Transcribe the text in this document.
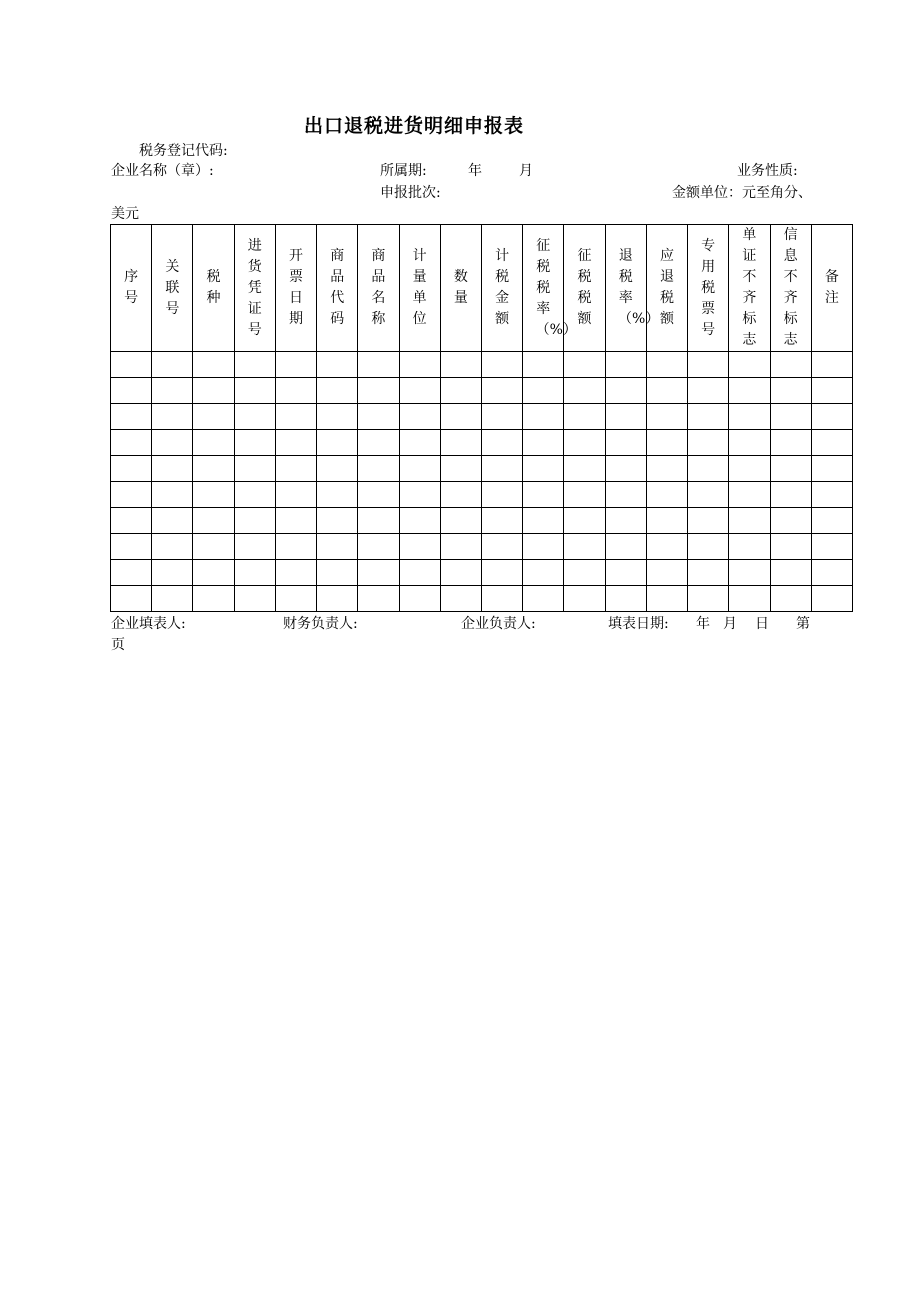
出口退税进货明细申报表
税务登记代码:
企业名称（章）:	所属期:	年	月	业务性质:
申报批次:	金额单位：元至角分、
美元
序号	关联号	税种	进货凭证号	开票日期	商品代码	商品名称	计量单位	数量	计税金额	征税税率（%）	征税税额	退税率（%）	应退税额	专用税票号	单证不齐标志	信息不齐标志	备注

企业填表人:	财务负责人:	企业负责人:	填表日期: 年 月 日 第
页
